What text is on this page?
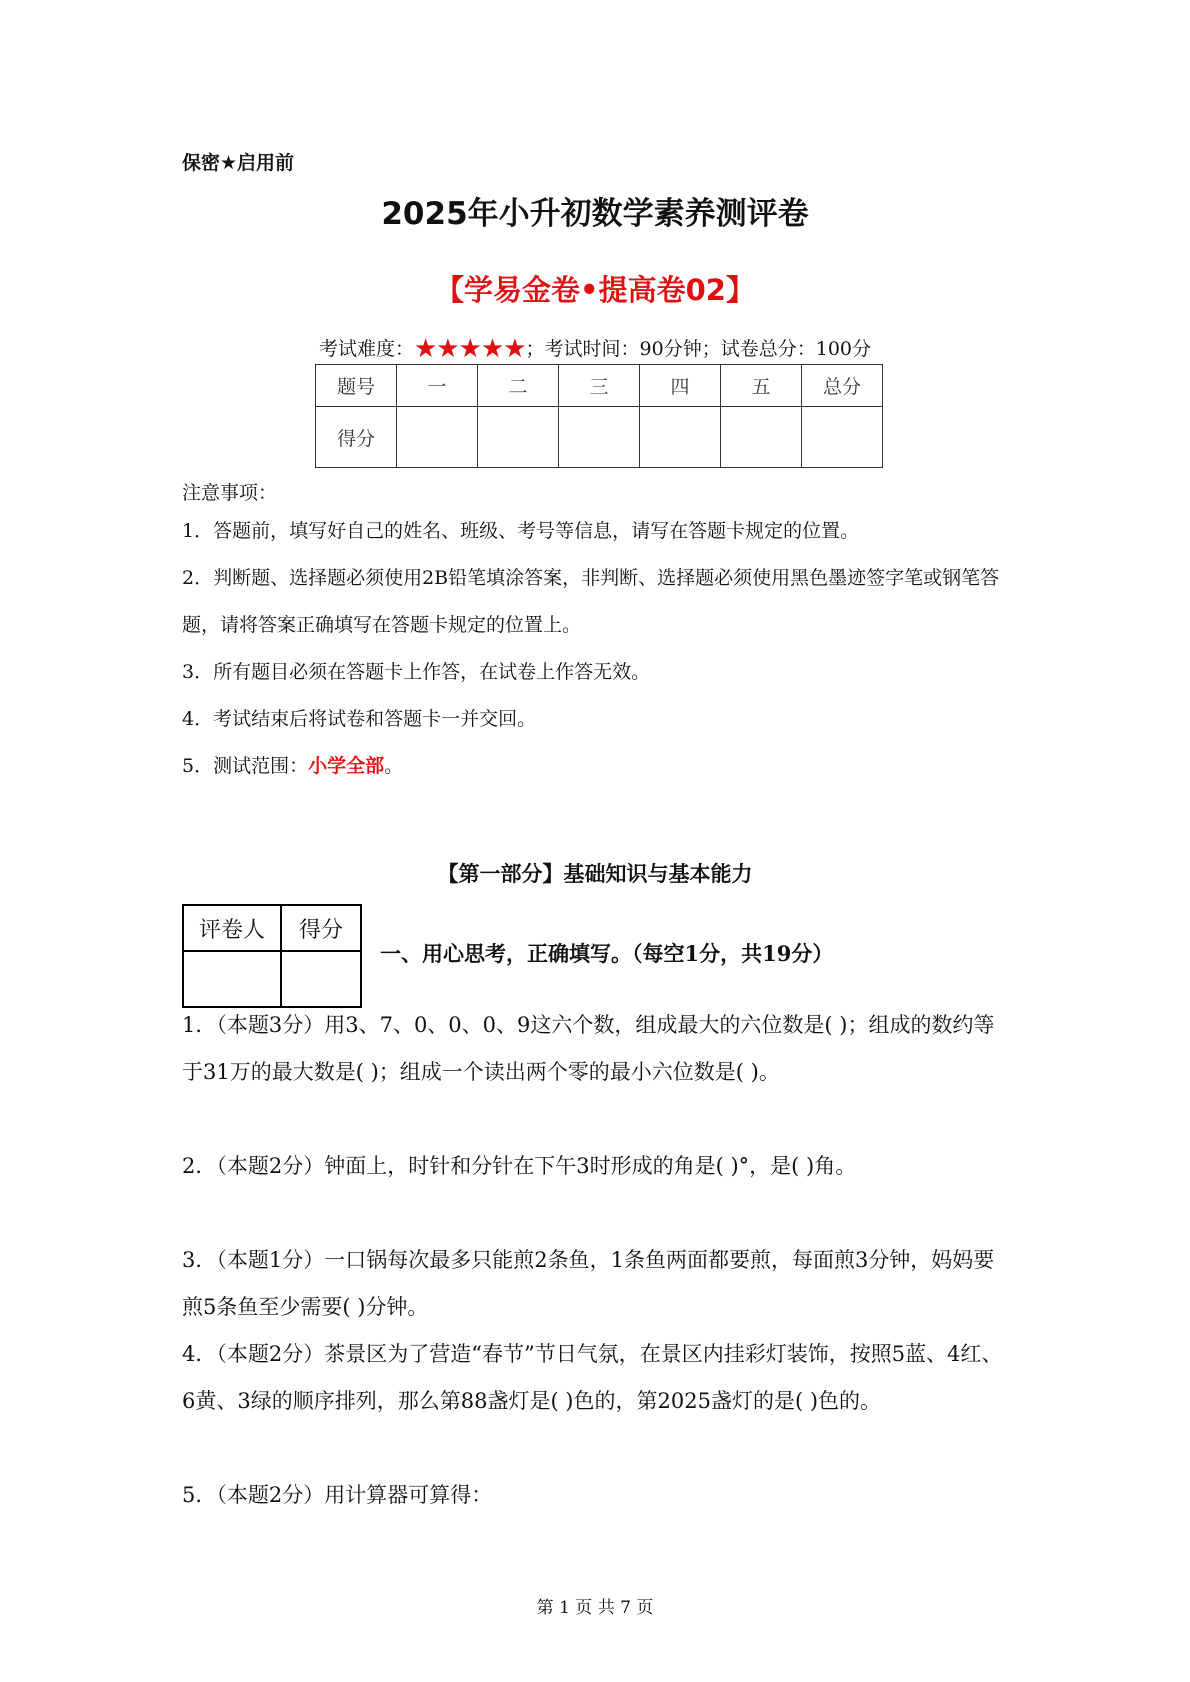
保密★启用前
2025年小升初数学素养测评卷
【学易金卷•提高卷02】
考试难度：★★★★★；考试时间：90分钟；试卷总分：100分
题号	一	二	三	四	五	总分
得分						
注意事项：
1．答题前，填写好自己的姓名、班级、考号等信息，请写在答题卡规定的位置。
2．判断题、选择题必须使用2B铅笔填涂答案，非判断、选择题必须使用黑色墨迹签字笔或钢笔答题，请将答案正确填写在答题卡规定的位置上。
3．所有题目必须在答题卡上作答，在试卷上作答无效。
4．考试结束后将试卷和答题卡一并交回。
5．测试范围：小学全部。
【第一部分】基础知识与基本能力
评卷人	得分

一、用心思考，正确填写。（每空1分，共19分）
1．（本题3分）用3、7、0、0、0、9这六个数，组成最大的六位数是( )；组成的数约等于31万的最大数是( )；组成一个读出两个零的最小六位数是( )。
2．（本题2分）钟面上，时针和分针在下午3时形成的角是( )°，是( )角。
3．（本题1分）一口锅每次最多只能煎2条鱼，1条鱼两面都要煎，每面煎3分钟，妈妈要煎5条鱼至少需要( )分钟。
4．（本题2分）茶景区为了营造“春节”节日气氛，在景区内挂彩灯装饰，按照5蓝、4红、6黄、3绿的顺序排列，那么第88盏灯是( )色的，第2025盏灯的是( )色的。
5．（本题2分）用计算器可算得：
第 1 页 共 7 页
